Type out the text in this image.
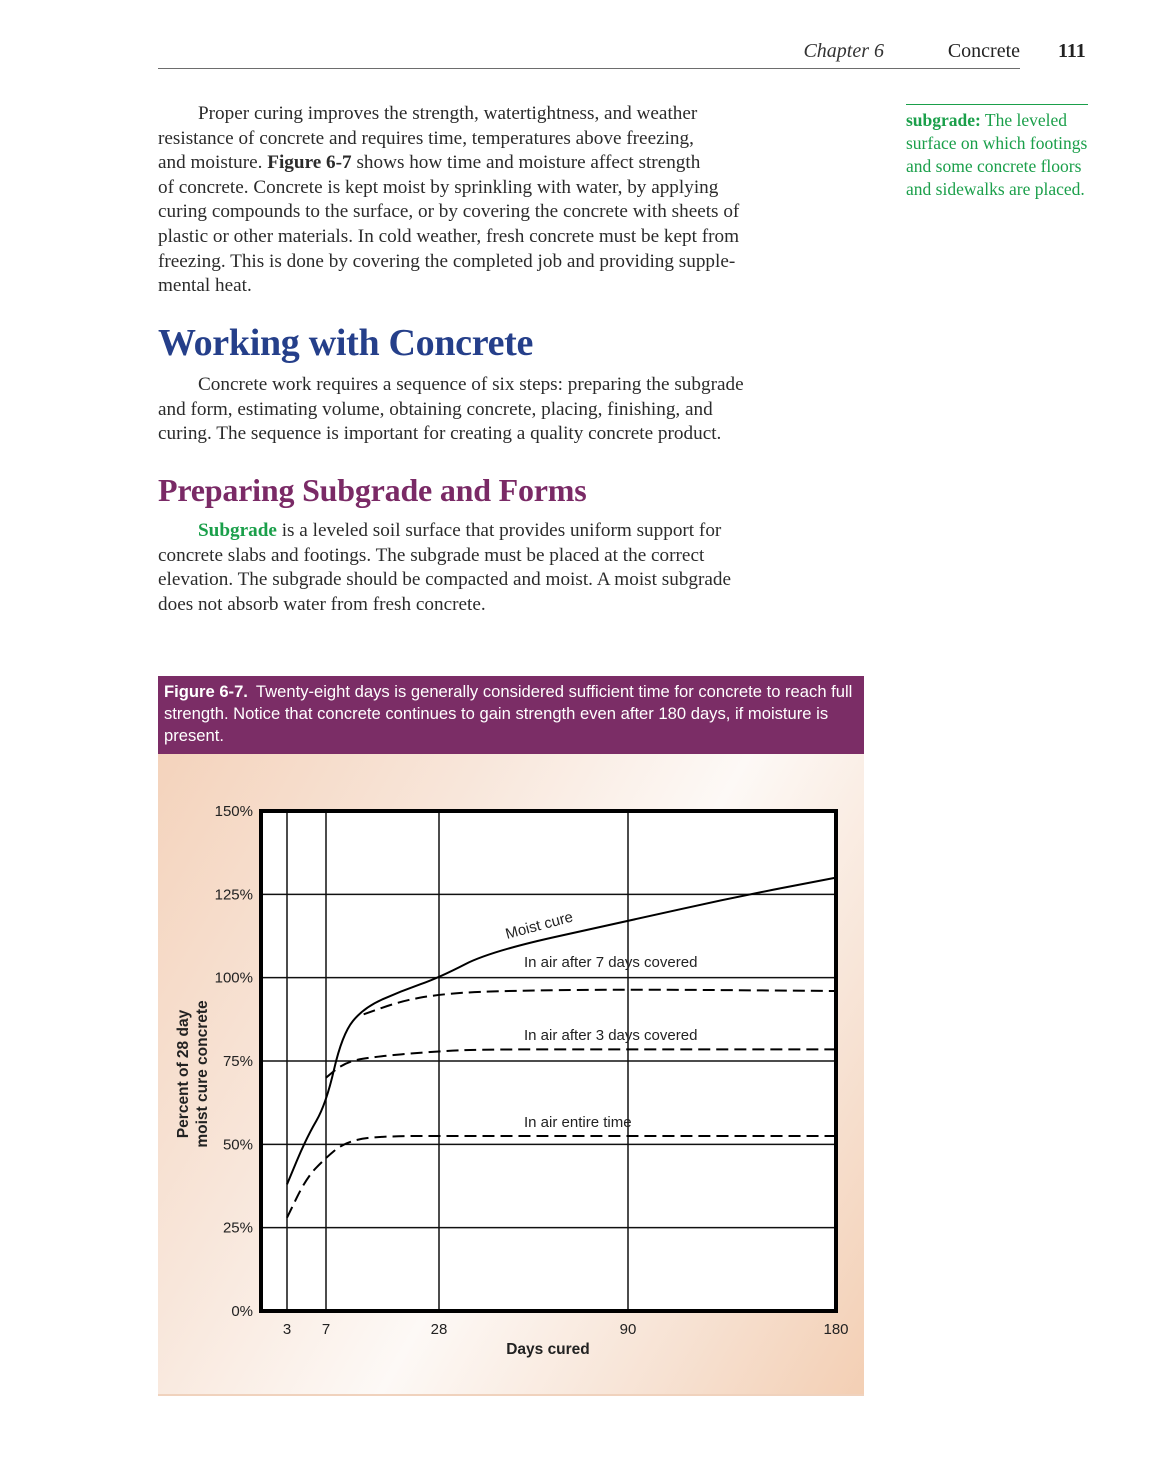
Chapter 6	Concrete 111

Proper curing improves the strength, watertightness, and weather
resistance of concrete and requires time, temperatures above freezing,
and moisture. Figure 6-7 shows how time and moisture affect strength
of concrete. Concrete is kept moist by sprinkling with water, by applying
curing compounds to the surface, or by covering the concrete with sheets of
plastic or other materials. In cold weather, fresh concrete must be kept from
freezing. This is done by covering the completed job and providing supple-
mental heat.

Working with Concrete

Concrete work requires a sequence of six steps: preparing the subgrade
and form, estimating volume, obtaining concrete, placing, finishing, and
curing. The sequence is important for creating a quality concrete product.

Preparing Subgrade and Forms

Subgrade is a leveled soil surface that provides uniform support for
concrete slabs and footings. The subgrade must be placed at the correct
elevation. The subgrade should be compacted and moist. A moist subgrade
does not absorb water from fresh concrete.

subgrade: The leveled surface on which footings and some concrete floors and sidewalks are placed.
Figure 6-7. Twenty-eight days is generally considered sufficient time for concrete to reach full strength. Notice that concrete continues to gain strength even after 180 days, if moisture is present.
0%
25%
50%
75%
100%
125%
150%
3 7	28	90	180
Moist cure
In air after 7 days covered
In air after 3 days covered
In air entire time
Days cured
Percent of 28 day moist cure concrete
